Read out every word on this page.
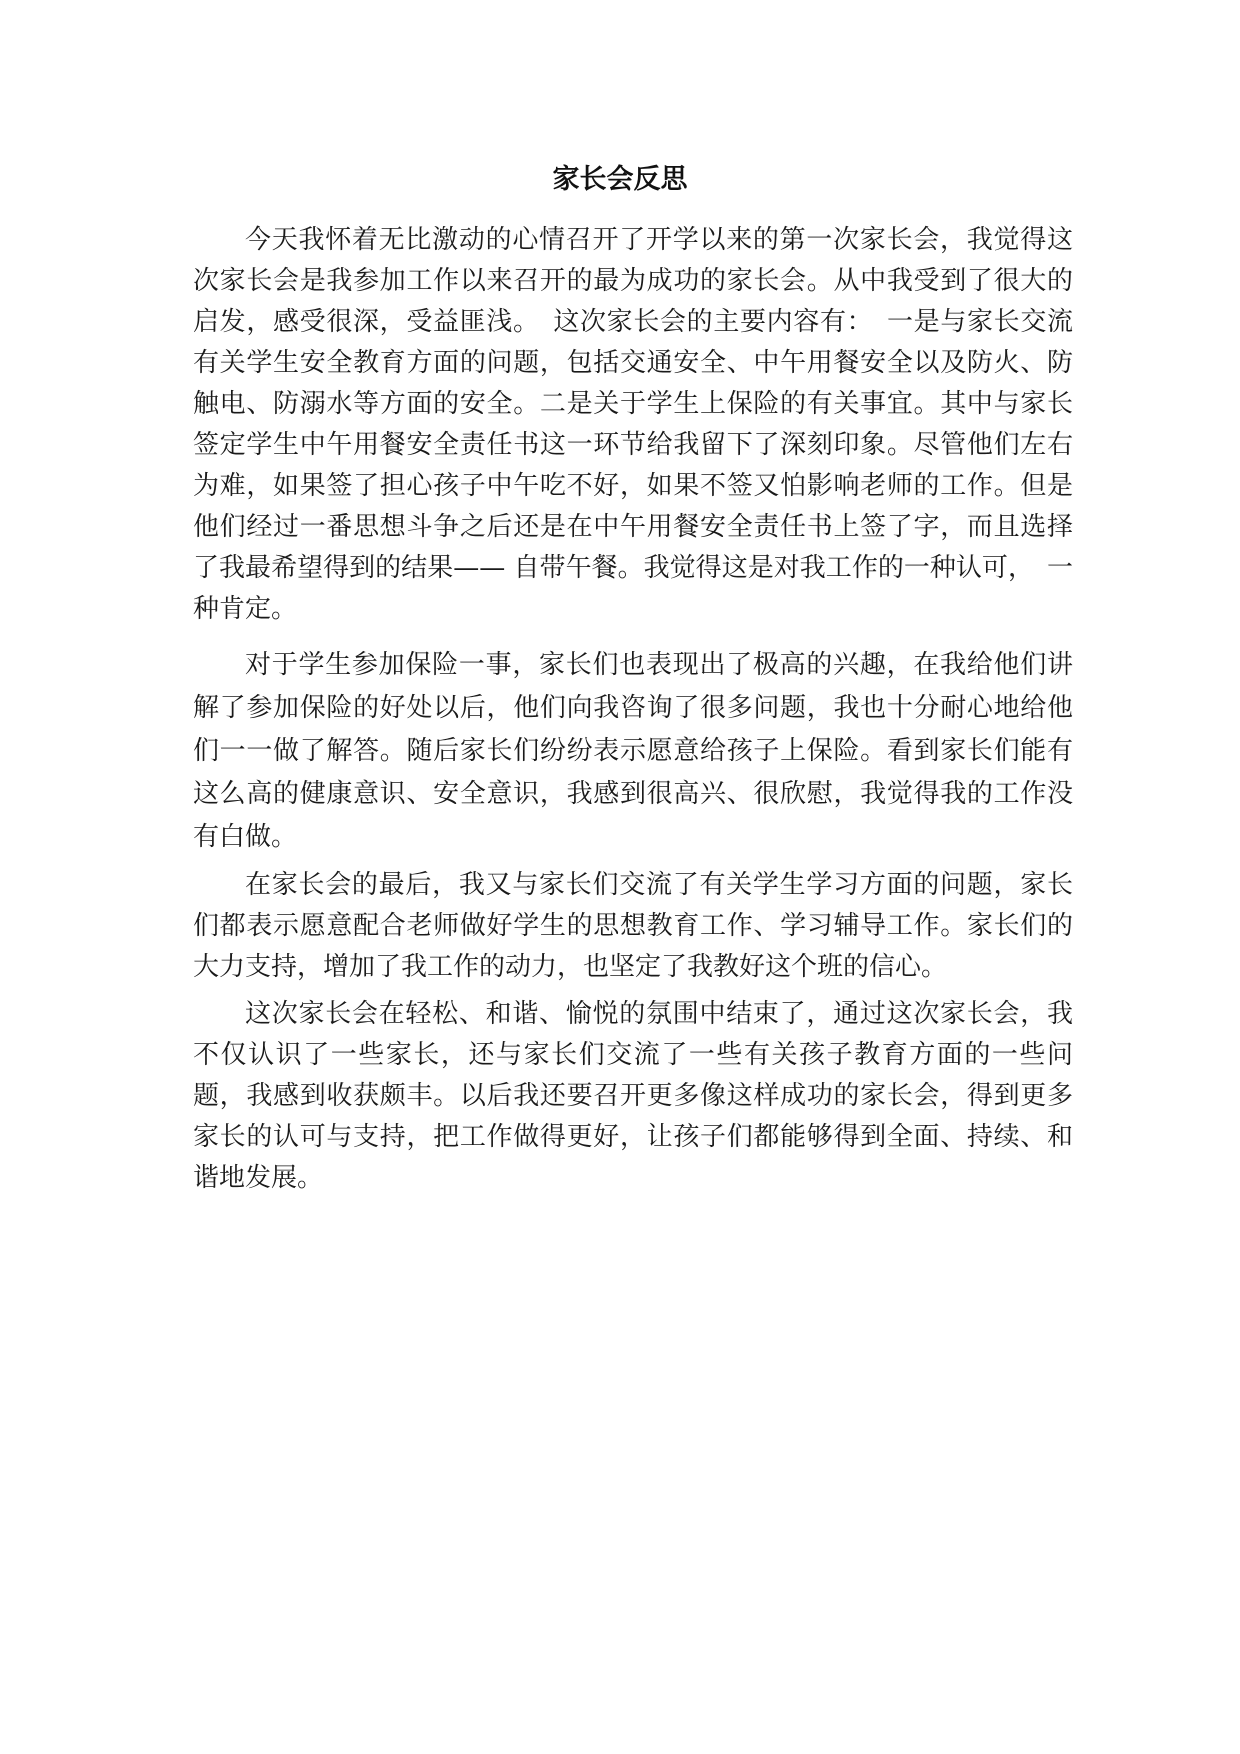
家长会反思

今天我怀着无比激动的心情召开了开学以来的第一次家长会，我觉得这次家长会是我参加工作以来召开的最为成功的家长会。从中我受到了很大的启发，感受很深，受益匪浅。　这次家长会的主要内容有：　一是与家长交流有关学生安全教育方面的问题，包括交通安全、中午用餐安全以及防火、防触电、防溺水等方面的安全。二是关于学生上保险的有关事宜。其中与家长签定学生中午用餐安全责任书这一环节给我留下了深刻印象。尽管他们左右为难，如果签了担心孩子中午吃不好，如果不签又怕影响老师的工作。但是他们经过一番思想斗争之后还是在中午用餐安全责任书上签了字，而且选择了我最希望得到的结果—— 自带午餐。我觉得这是对我工作的一种认可，　一种肯定。

对于学生参加保险一事，家长们也表现出了极高的兴趣，在我给他们讲解了参加保险的好处以后，他们向我咨询了很多问题，我也十分耐心地给他们一一做了解答。随后家长们纷纷表示愿意给孩子上保险。看到家长们能有这么高的健康意识、安全意识，我感到很高兴、很欣慰，我觉得我的工作没有白做。

在家长会的最后，我又与家长们交流了有关学生学习方面的问题，家长们都表示愿意配合老师做好学生的思想教育工作、学习辅导工作。家长们的大力支持，增加了我工作的动力，也坚定了我教好这个班的信心。

这次家长会在轻松、和谐、愉悦的氛围中结束了，通过这次家长会，我不仅认识了一些家长，还与家长们交流了一些有关孩子教育方面的一些问题，我感到收获颇丰。以后我还要召开更多像这样成功的家长会，得到更多家长的认可与支持，把工作做得更好，让孩子们都能够得到全面、持续、和谐地发展。
